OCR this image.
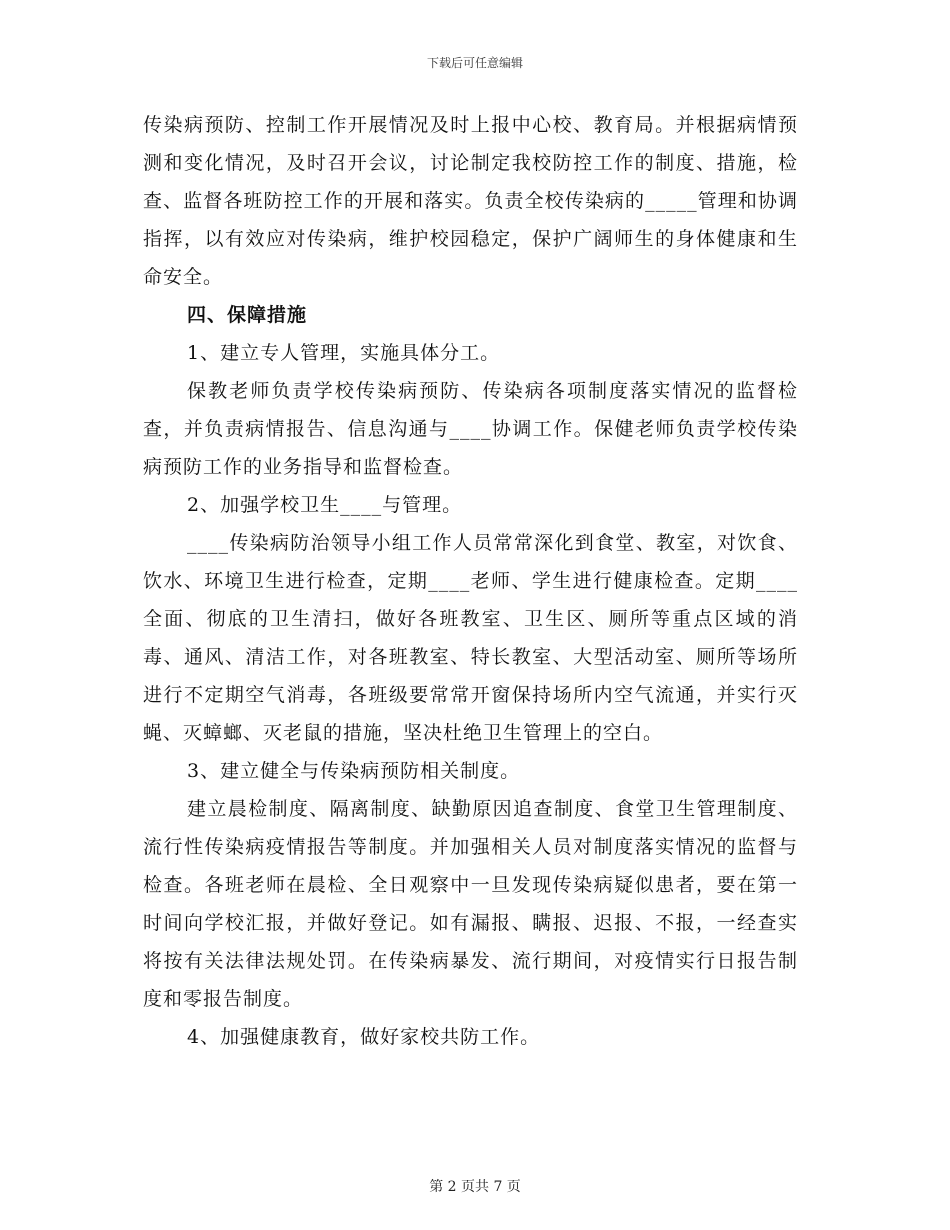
下载后可任意编辑

传染病预防、控制工作开展情况及时上报中心校、教育局。并根据病情预测和变化情况，及时召开会议，讨论制定我校防控工作的制度、措施，检查、监督各班防控工作的开展和落实。负责全校传染病的_____管理和协调指挥，以有效应对传染病，维护校园稳定，保护广阔师生的身体健康和生命安全。

四、保障措施

1、建立专人管理，实施具体分工。

保教老师负责学校传染病预防、传染病各项制度落实情况的监督检查，并负责病情报告、信息沟通与____协调工作。保健老师负责学校传染病预防工作的业务指导和监督检查。

2、加强学校卫生____与管理。

____传染病防治领导小组工作人员常常深化到食堂、教室，对饮食、饮水、环境卫生进行检查，定期____老师、学生进行健康检查。定期____全面、彻底的卫生清扫，做好各班教室、卫生区、厕所等重点区域的消毒、通风、清洁工作，对各班教室、特长教室、大型活动室、厕所等场所进行不定期空气消毒，各班级要常常开窗保持场所内空气流通，并实行灭蝇、灭蟑螂、灭老鼠的措施，坚决杜绝卫生管理上的空白。

3、建立健全与传染病预防相关制度。

建立晨检制度、隔离制度、缺勤原因追查制度、食堂卫生管理制度、流行性传染病疫情报告等制度。并加强相关人员对制度落实情况的监督与检查。各班老师在晨检、全日观察中一旦发现传染病疑似患者，要在第一时间向学校汇报，并做好登记。如有漏报、瞒报、迟报、不报，一经查实将按有关法律法规处罚。在传染病暴发、流行期间，对疫情实行日报告制度和零报告制度。

4、加强健康教育，做好家校共防工作。

第 2 页共 7 页
